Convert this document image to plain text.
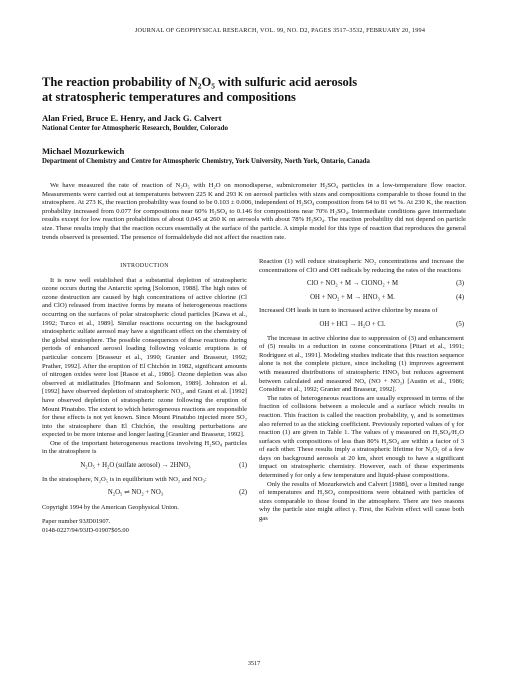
JOURNAL OF GEOPHYSICAL RESEARCH, VOL. 99, NO. D2, PAGES 3517–3532, FEBRUARY 20, 1994
The reaction probability of N₂O₅ with sulfuric acid aerosols
at stratospheric temperatures and compositions
Alan Fried, Bruce E. Henry, and Jack G. Calvert
National Center for Atmospheric Research, Boulder, Colorado
Michael Mozurkewich
Department of Chemistry and Centre for Atmospheric Chemistry, York University, North York, Ontario, Canada

We have measured the rate of reaction of N₂O₅ with H₂O on monodisperse, submicrometer H₂SO₄ particles in a low-temperature flow reactor. Measurements were carried out at temperatures between 225 K and 293 K on aerosol particles with sizes and compositions comparable to those found in the stratosphere. At 273 K, the reaction probability was found to be 0.103 ± 0.006, independent of H₂SO₄ composition from 64 to 81 wt %. At 230 K, the reaction probability increased from 0.077 for compositions near 60% H₂SO₄ to 0.146 for compositions near 70% H₂SO₄. Intermediate conditions gave intermediate results except for low reaction probabilities of about 0.045 at 260 K on aerosols with about 78% H₂SO₄. The reaction probability did not depend on particle size. These results imply that the reaction occurs essentially at the surface of the particle. A simple model for this type of reaction that reproduces the general trends observed is presented. The presence of formaldehyde did not affect the reaction rate.

INTRODUCTION

It is now well established that a substantial depletion of stratospheric ozone occurs during the Antarctic spring [Solomon, 1988]. The high rates of ozone destruction are caused by high concentrations of active chlorine (Cl and ClO) released from inactive forms by means of heterogeneous reactions occurring on the surfaces of polar stratospheric cloud particles [Kawa et al., 1992; Turco et al., 1989]. Similar reactions occurring on the background stratospheric sulfate aerosol may have a significant effect on the chemistry of the global stratosphere. The possible consequences of these reactions during periods of enhanced aerosol loading following volcanic eruptions is of particular concern [Brasseur et al., 1990; Granier and Brasseur, 1992; Prather, 1992]. After the eruption of El Chichón in 1982, significant amounts of nitrogen oxides were lost [Rasoe et al., 1986]. Ozone depletion was also observed at midlatitudes [Hofmann and Solomon, 1989]. Johnston et al. [1992] have observed depletion of stratospheric NO₂, and Grant et al. [1992] have observed depletion of stratospheric ozone following the eruption of Mount Pinatubo. The extent to which heterogeneous reactions are responsible for these effects is not yet known. Since Mount Pinatubo injected more SO₂ into the stratosphere than El Chichón, the resulting perturbations are expected to be more intense and longer lasting [Granier and Brasseur, 1992].

One of the important heterogeneous reactions involving H₂SO₄ particles in the stratosphere is

N₂O₅ + H₂O (sulfate aerosol) → 2HNO₃	(1)

In the stratosphere, N₂O₅ is in equilibrium with NO₂ and NO₃:

N₂O₅ ⇌ NO₂ + NO₃	(2)
Copyright 1994 by the American Geophysical Union.
Paper number 93JD01907.
0148-0227/94/93JD-01907$05.00

Reaction (1) will reduce stratospheric NO₂ concentrations and increase the concentrations of ClO and OH radicals by reducing the rates of the reactions

ClO + NO₂ + M → ClONO₂ + M	(3)
OH + NO₂ + M → HNO₃ + M.	(4)

Increased OH leads in turn to increased active chlorine by means of

OH + HCl → H₂O + Cl.	(5)

The increase in active chlorine due to suppression of (3) and enhancement of (5) results in a reduction in ozone concentrations [Pitari et al., 1991; Rodriguez et al., 1991]. Modeling studies indicate that this reaction sequence alone is not the complete picture, since including (1) improves agreement with measured distributions of stratospheric HNO₃ but reduces agreement between calculated and measured NOₓ (NO + NO₂) [Austin et al., 1986; Considine et al., 1992; Granier and Brasseur, 1992].

The rates of heterogeneous reactions are usually expressed in terms of the fraction of collisions between a molecule and a surface which results in reaction. This fraction is called the reaction probability, γ, and is sometimes also referred to as the sticking coefficient. Previously reported values of γ for reaction (1) are given in Table 1. The values of γ measured on H₂SO₄/H₂O surfaces with compositions of less than 80% H₂SO₄ are within a factor of 3 of each other. These results imply a stratospheric lifetime for N₂O₅ of a few days on background aerosols at 20 km, short enough to have a significant impact on stratospheric chemistry. However, each of these experiments determined γ for only a few temperature and liquid-phase compositions.

Only the results of Mozurkewich and Calvert [1988], over a limited range of temperatures and H₂SO₄ compositions were obtained with particles of sizes comparable to those found in the atmosphere. There are two reasons why the particle size might affect γ. First, the Kelvin effect will cause both gas

3517
